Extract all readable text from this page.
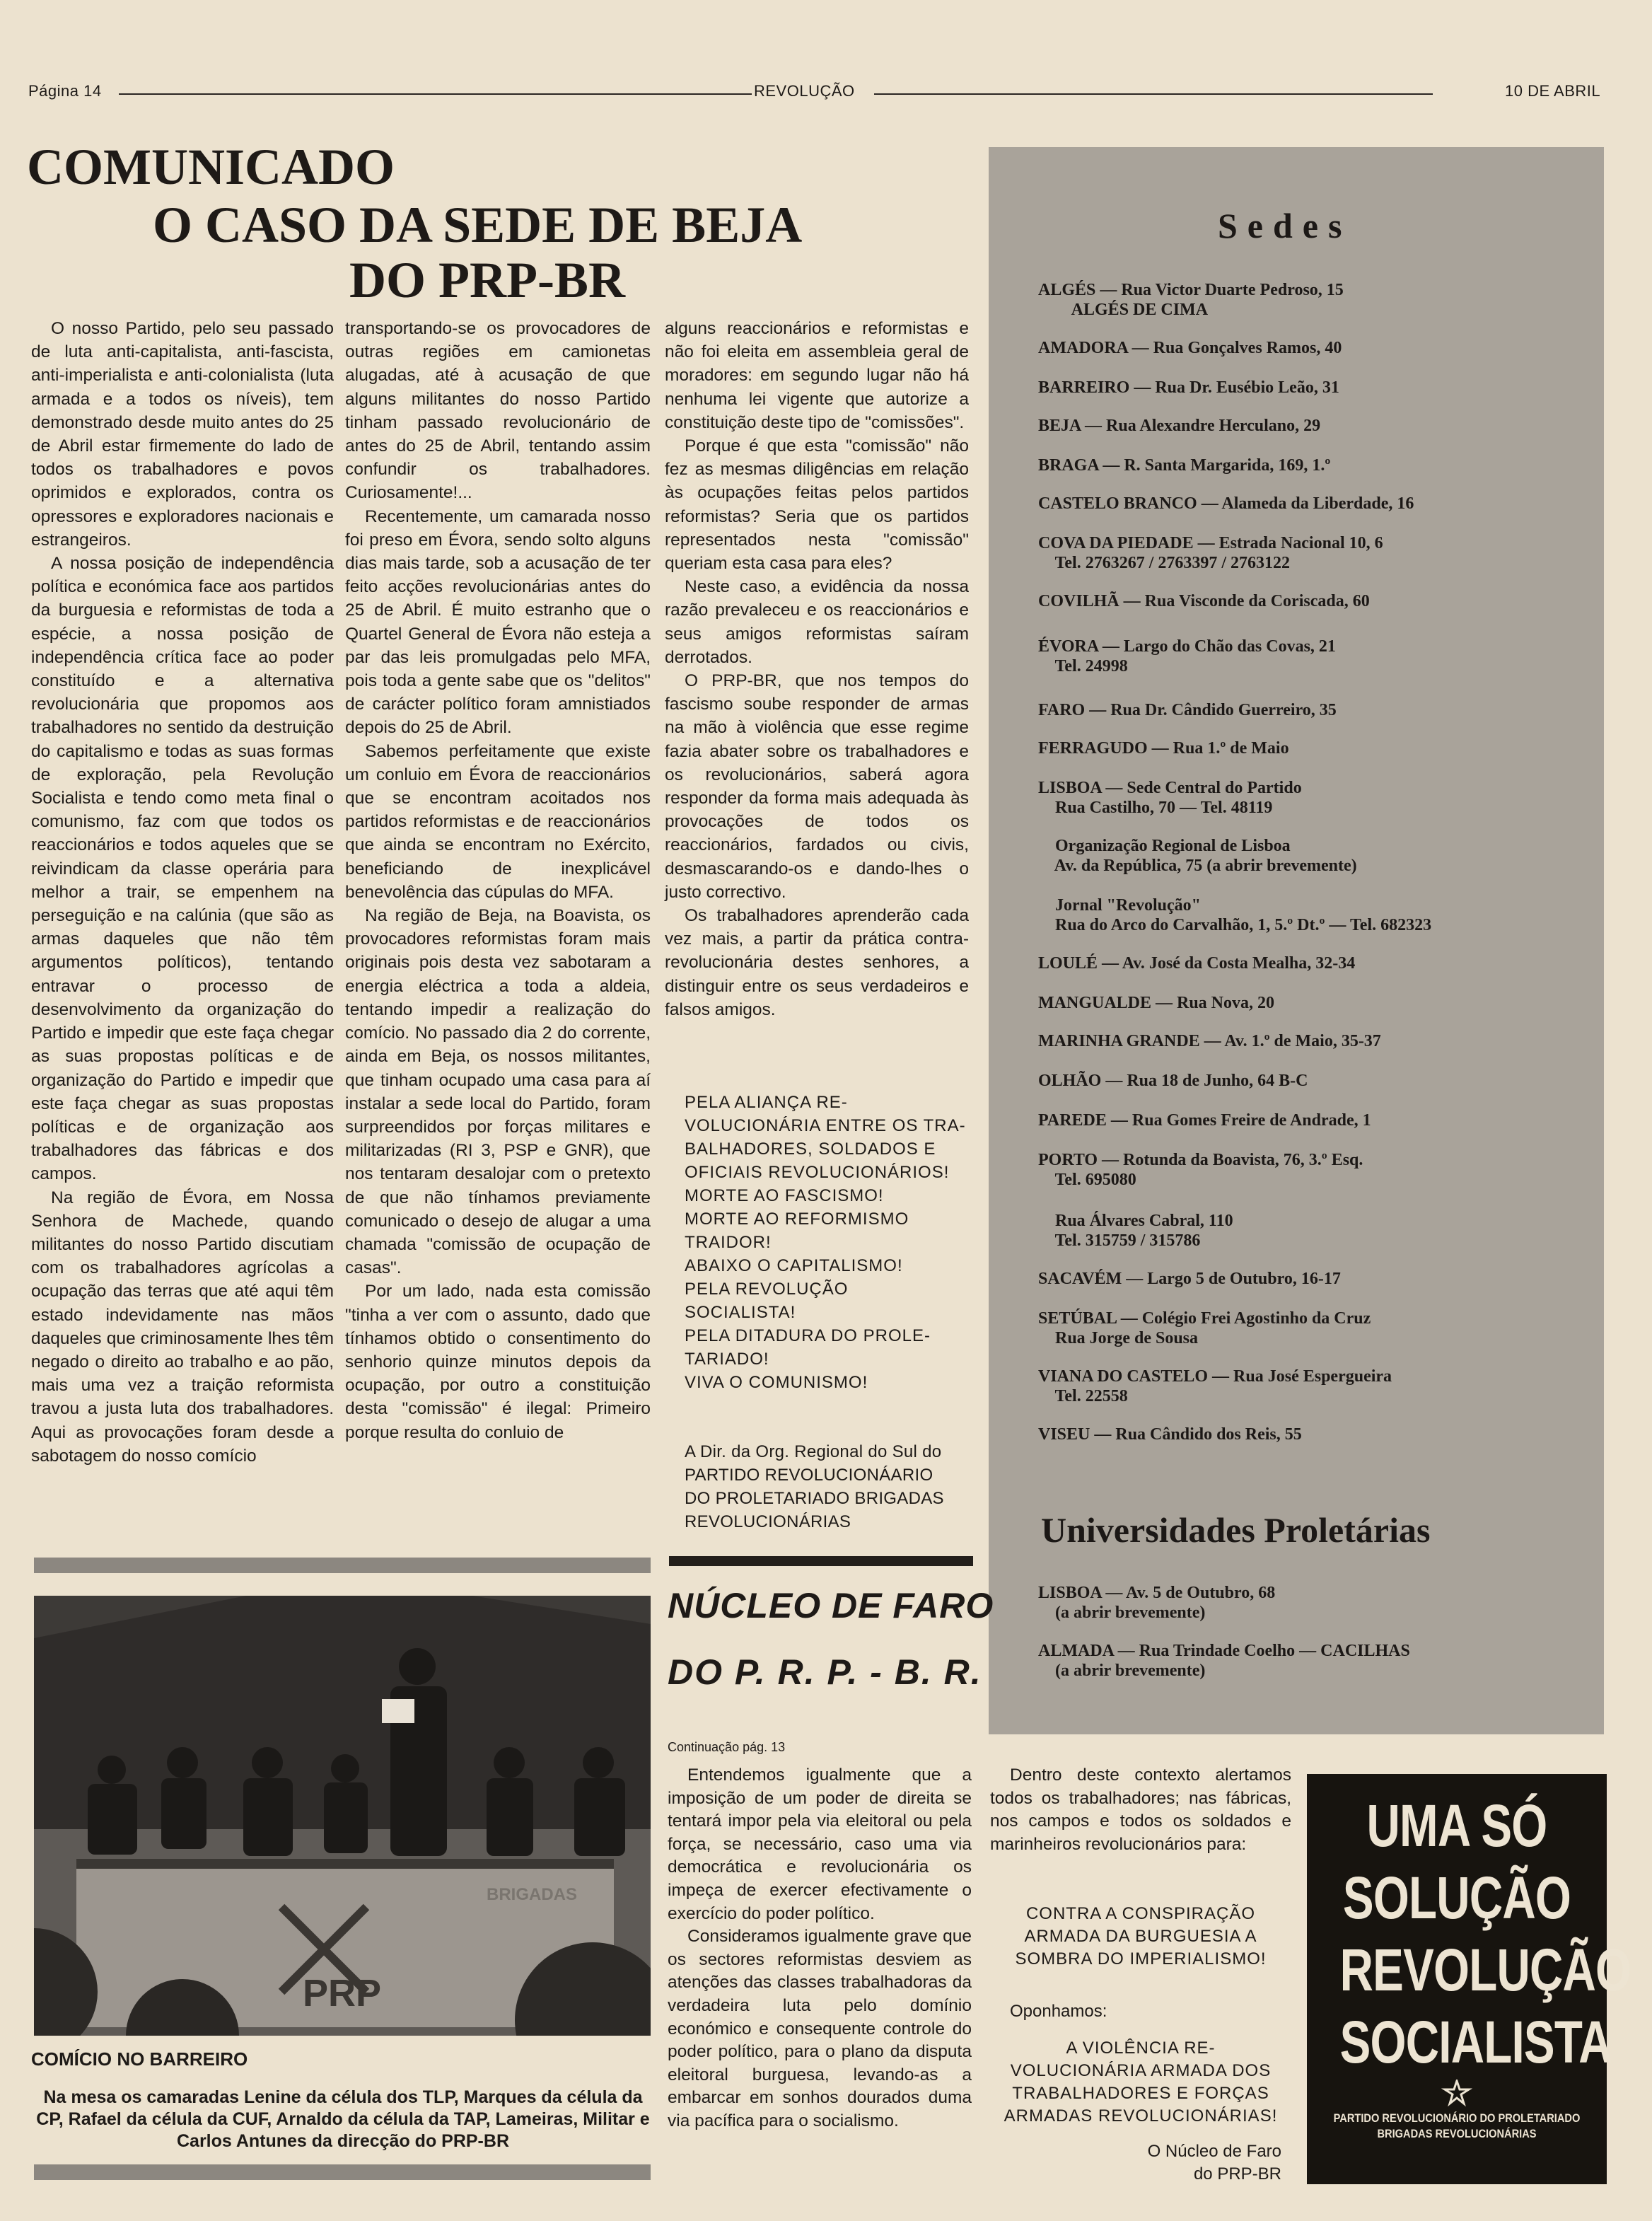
Página 14	REVOLUÇÃO	10 DE ABRIL
COMUNICADO
O CASO DA SEDE DE BEJA
DO PRP-BR

O nosso Partido, pelo seu passado de luta anti-capitalista, anti-fascista, anti-imperialista e anti-colonialista (luta armada e a todos os níveis), tem demonstrado desde muito antes do 25 de Abril estar firmemente do lado de todos os trabalhadores e povos oprimidos e explorados, contra os opressores e exploradores nacionais e estrangeiros.

A nossa posição de independência política e económica face aos partidos da burguesia e reformistas de toda a espécie, a nossa posição de independência crítica face ao poder constituído e a alternativa revolucionária que propomos aos trabalhadores no sentido da destruição do capitalismo e todas as suas formas de exploração, pela Revolução Socialista e tendo como meta final o comunismo, faz com que todos os reaccionários e todos aqueles que se reivindicam da classe operária para melhor a trair, se empenhem na perseguição e na calúnia (que são as armas daqueles que não têm argumentos políticos), tentando entravar o processo de desenvolvimento da organização do Partido e impedir que este faça chegar as suas propostas políticas e de organização do Partido e impedir que este faça chegar as suas propostas políticas e de organização aos trabalhadores das fábricas e dos campos.

Na região de Évora, em Nossa Senhora de Machede, quando militantes do nosso Partido discutiam com os trabalhadores agrícolas a ocupação das terras que até aqui têm estado indevidamente nas mãos daqueles que criminosamente lhes têm negado o direito ao trabalho e ao pão, mais uma vez a traição reformista travou a justa luta dos trabalhadores. Aqui as provocações foram desde a sabotagem do nosso comício

transportando-se os provocadores de outras regiões em camionetas alugadas, até à acusação de que alguns militantes do nosso Partido tinham passado revolucionário de antes do 25 de Abril, tentando assim confundir os trabalhadores. Curiosamente!...

Recentemente, um camarada nosso foi preso em Évora, sendo solto alguns dias mais tarde, sob a acusação de ter feito acções revolucionárias antes do 25 de Abril. É muito estranho que o Quartel General de Évora não esteja a par das leis promulgadas pelo MFA, pois toda a gente sabe que os "delitos" de carácter político foram amnistiados depois do 25 de Abril.

Sabemos perfeitamente que existe um conluio em Évora de reaccionários que se encontram acoitados nos partidos reformistas e de reaccionários que ainda se encontram no Exército, beneficiando de inexplicável benevolência das cúpulas do MFA.

Na região de Beja, na Boavista, os provocadores reformistas foram mais originais pois desta vez sabotaram a energia eléctrica a toda a aldeia, tentando impedir a realização do comício. No passado dia 2 do corrente, ainda em Beja, os nossos militantes, que tinham ocupado uma casa para aí instalar a sede local do Partido, foram surpreendidos por forças militares e militarizadas (RI 3, PSP e GNR), que nos tentaram desalojar com o pretexto de que não tínhamos previamente comunicado o desejo de alugar a uma chamada "comissão de ocupação de casas".

Por um lado, nada esta comissão "tinha a ver com o assunto, dado que tínhamos obtido o consentimento do senhorio quinze minutos depois da ocupação, por outro a constituição desta "comissão" é ilegal: Primeiro porque resulta do conluio de

alguns reaccionários e reformistas e não foi eleita em assembleia geral de moradores: em segundo lugar não há nenhuma lei vigente que autorize a constituição deste tipo de "comissões".

Porque é que esta "comissão" não fez as mesmas diligências em relação às ocupações feitas pelos partidos reformistas? Seria que os partidos representados nesta "comissão" queriam esta casa para eles?

Neste caso, a evidência da nossa razão prevaleceu e os reaccionários e seus amigos reformistas saíram derrotados.

O PRP-BR, que nos tempos do fascismo soube responder de armas na mão à violência que esse regime fazia abater sobre os trabalhadores e os revolucionários, saberá agora responder da forma mais adequada às provocações de todos os reaccionários, fardados ou civis, desmascarando-os e dando-lhes o justo correctivo.

Os trabalhadores aprenderão cada vez mais, a partir da prática contra-revolucionária destes senhores, a distinguir entre os seus verdadeiros e falsos amigos.

PELA ALIANÇA RE-
VOLUCIONÁRIA ENTRE OS TRA-
BALHADORES, SOLDADOS E
OFICIAIS REVOLUCIONÁRIOS!
MORTE AO FASCISMO!
MORTE AO REFORMISMO
TRAIDOR!
ABAIXO O CAPITALISMO!
PELA REVOLUÇÃO
SOCIALISTA!
PELA DITADURA DO PROLE-
TARIADO!
VIVA O COMUNISMO!
A Dir. da Org. Regional do Sul do
PARTIDO REVOLUCIONÁARIO
DO PROLETARIADO BRIGADAS
REVOLUCIONÁRIAS
Sedes
ALGÉS — Rua Victor Duarte Pedroso, 15
ALGÉS DE CIMA
AMADORA — Rua Gonçalves Ramos, 40
BARREIRO — Rua Dr. Eusébio Leão, 31
BEJA — Rua Alexandre Herculano, 29
BRAGA — R. Santa Margarida, 169, 1.º
CASTELO BRANCO — Alameda da Liberdade, 16
COVA DA PIEDADE — Estrada Nacional 10, 6
Tel. 2763267 / 2763397 / 2763122
COVILHÃ — Rua Visconde da Coriscada, 60
ÉVORA — Largo do Chão das Covas, 21
Tel. 24998
FARO — Rua Dr. Cândido Guerreiro, 35
FERRAGUDO — Rua 1.º de Maio
LISBOA — Sede Central do Partido
Rua Castilho, 70 — Tel. 48119
Organização Regional de Lisboa
Av. da República, 75 (a abrir brevemente)
Jornal "Revolução"
Rua do Arco do Carvalhão, 1, 5.º Dt.º — Tel. 682323
LOULÉ — Av. José da Costa Mealha, 32-34
MANGUALDE — Rua Nova, 20
MARINHA GRANDE — Av. 1.º de Maio, 35-37
OLHÃO — Rua 18 de Junho, 64 B-C
PAREDE — Rua Gomes Freire de Andrade, 1
PORTO — Rotunda da Boavista, 76, 3.º Esq.
Tel. 695080
Rua Álvares Cabral, 110
Tel. 315759 / 315786
SACAVÉM — Largo 5 de Outubro, 16-17
SETÚBAL — Colégio Frei Agostinho da Cruz
Rua Jorge de Sousa
VIANA DO CASTELO — Rua José Espergueira
Tel. 22558
VISEU — Rua Cândido dos Reis, 55
Universidades Proletárias
LISBOA — Av. 5 de Outubro, 68
(a abrir brevemente)
ALMADA — Rua Trindade Coelho — CACILHAS
(a abrir brevemente)
PRP
BRIGADAS
COMÍCIO NO BARREIRO
Na mesa os camaradas Lenine da célula dos TLP, Marques da célula da CP, Rafael da célula da CUF, Arnaldo da célula da TAP, Lameiras, Militar e Carlos Antunes da direcção do PRP-BR
NÚCLEO DE FARO
DO P. R. P. - B. R.
Continuação pág. 13

Entendemos igualmente que a imposição de um poder de direita se tentará impor pela via eleitoral ou pela força, se necessário, caso uma via democrática e revolucionária os impeça de exercer efectivamente o exercício do poder político.

Consideramos igualmente grave que os sectores reformistas desviem as atenções das classes trabalhadoras da verdadeira luta pelo domínio económico e consequente controle do poder político, para o plano da disputa eleitoral burguesa, levando-as a embarcar em sonhos dourados duma via pacífica para o socialismo.

Dentro deste contexto alertamos todos os trabalhadores; nas fábricas, nos campos e todos os soldados e marinheiros revolucionários para:

CONTRA A CONSPIRAÇÃO
ARMADA DA BURGUESIA A
SOMBRA DO IMPERIALISMO!
Oponhamos:
A VIOLÊNCIA RE-
VOLUCIONÁRIA ARMADA DOS
TRABALHADORES E FORÇAS
ARMADAS REVOLUCIONÁRIAS!
O Núcleo de Faro
do PRP-BR
UMA SÓ
SOLUÇÃO
REVOLUÇÃO
SOCIALISTA
PARTIDO REVOLUCIONÁRIO DO PROLETARIADO
BRIGADAS REVOLUCIONÁRIAS
